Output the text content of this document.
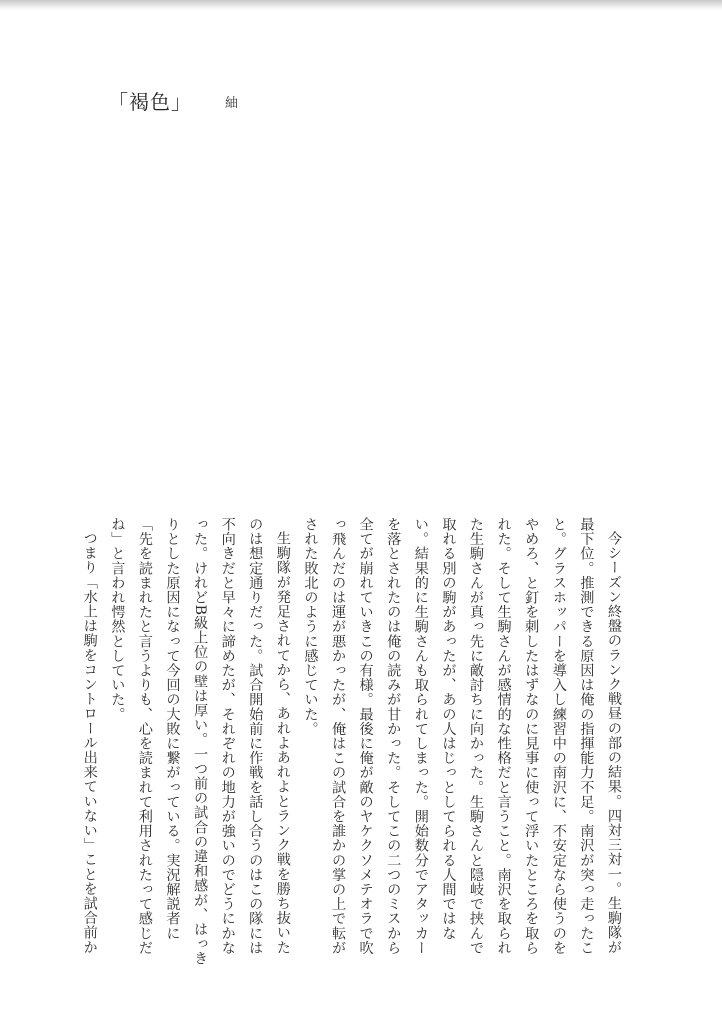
「褐色」	紬

今シーズン終盤のランク戦昼の部の結果。四対三対一。生駒隊が最下位。推測できる原因は俺の指揮能力不足。南沢が突っ走ったこと。グラスホッパーを導入し練習中の南沢に、不安定なら使うのをやめろ、と釘を刺したはずなのに見事に使って浮いたところを取られた。そして生駒さんが感情的な性格だと言うこと。南沢を取られた生駒さんが真っ先に敵討ちに向かった。生駒さんと隠岐で挟んで取れる別の駒があったが、あの人はじっとしてられる人間ではない。結果的に生駒さんも取られてしまった。開始数分でアタッカーを落とされたのは俺の読みが甘かった。そしてこの二つのミスから全てが崩れていきこの有様。最後に俺が敵のヤケクソメテオラで吹っ飛んだのは運が悪かったが、俺はこの試合を誰かの掌の上で転がされた敗北のように感じていた。

生駒隊が発足されてから、あれよあれよとランク戦を勝ち抜いたのは想定通りだった。試合開始前に作戦を話し合うのはこの隊には不向きだと早々に諦めたが、それぞれの地力が強いのでどうにかなった。けれどB級上位の壁は厚い。一つ前の試合の違和感が、はっきりとした原因になって今回の大敗に繋がっている。実況解説者に「先を読まれたと言うよりも、心を読まれて利用されたって感じだね」と言われ愕然としていた。

つまり「水上は駒をコントロール出来ていない」ことを試合前か
